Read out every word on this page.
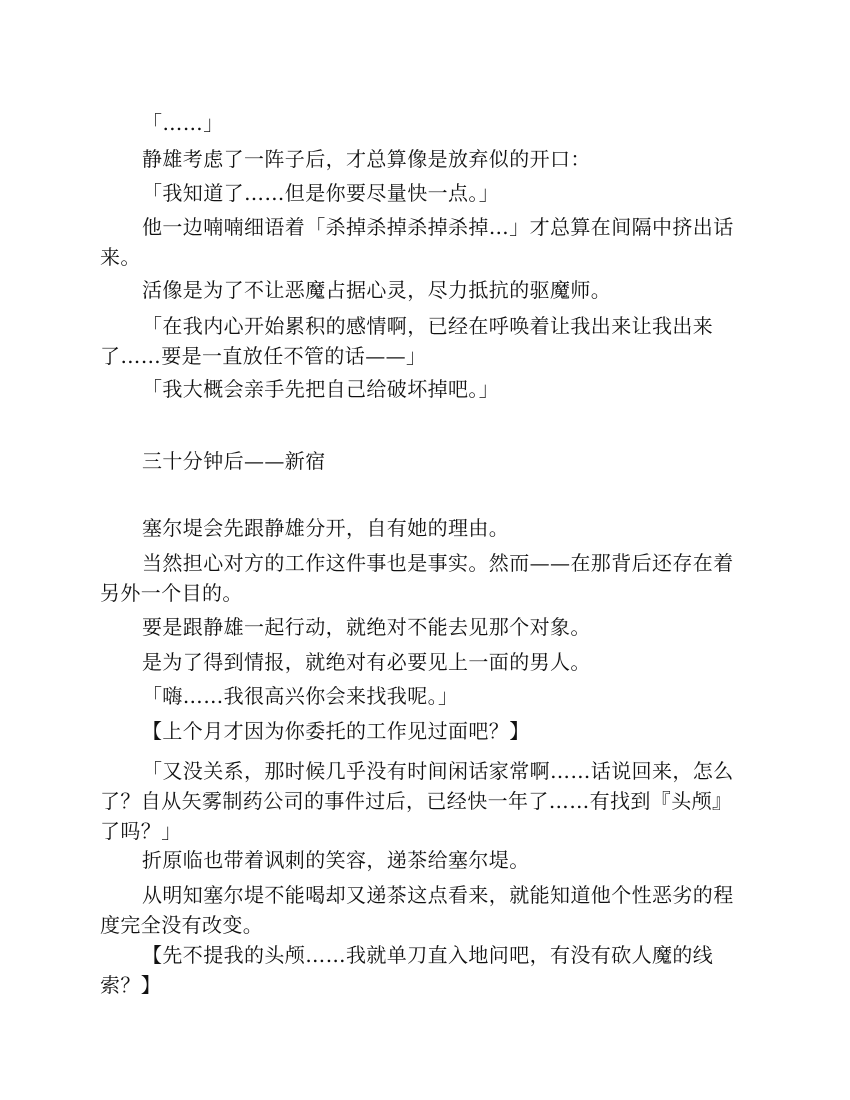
「……」

静雄考虑了一阵子后，才总算像是放弃似的开口：

「我知道了……但是你要尽量快一点。」

他一边喃喃细语着「杀掉杀掉杀掉杀掉…」才总算在间隔中挤出话来。

活像是为了不让恶魔占据心灵，尽力抵抗的驱魔师。

「在我内心开始累积的感情啊，已经在呼唤着让我出来让我出来了……要是一直放任不管的话——」

「我大概会亲手先把自己给破坏掉吧。」

三十分钟后——新宿

塞尔堤会先跟静雄分开，自有她的理由。

当然担心对方的工作这件事也是事实。然而——在那背后还存在着另外一个目的。

要是跟静雄一起行动，就绝对不能去见那个对象。

是为了得到情报，就绝对有必要见上一面的男人。

「嗨……我很高兴你会来找我呢。」

【上个月才因为你委托的工作见过面吧？】

「又没关系，那时候几乎没有时间闲话家常啊……话说回来，怎么了？自从矢雾制药公司的事件过后，已经快一年了……有找到『头颅』了吗？」

折原临也带着讽刺的笑容，递茶给塞尔堤。

从明知塞尔堤不能喝却又递茶这点看来，就能知道他个性恶劣的程度完全没有改变。

【先不提我的头颅……我就单刀直入地问吧，有没有砍人魔的线索？】
